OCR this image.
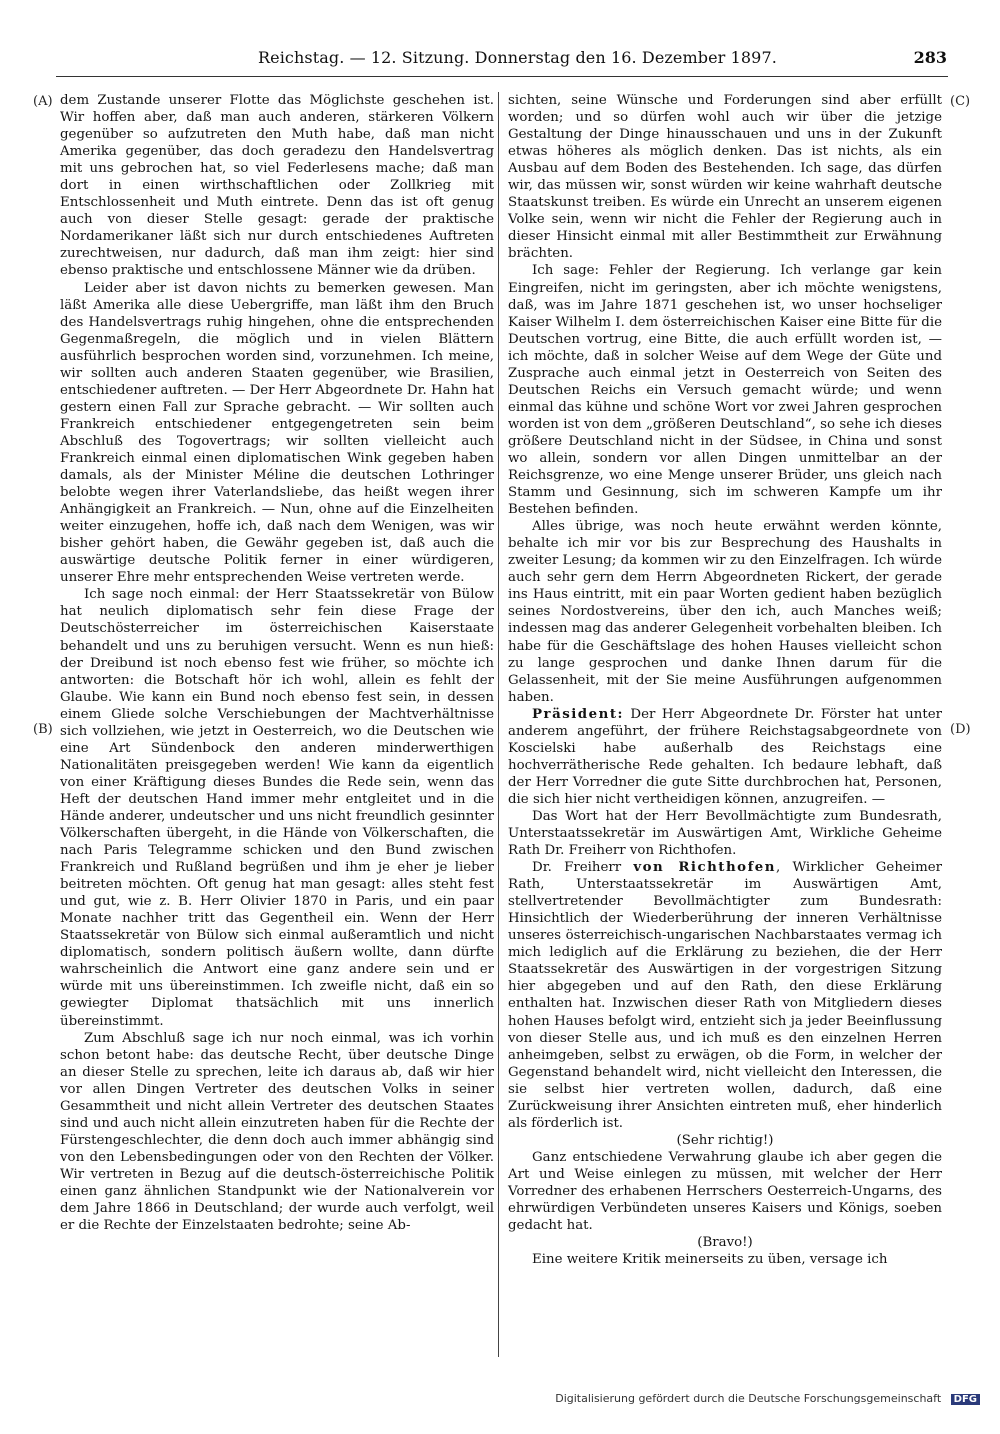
Reichstag. — 12. Sitzung. Donnerstag den 16. Dezember 1897.	283
(A)
(B)
(C)
(D)

dem Zustande unserer Flotte das Möglichste geschehen ist. Wir hoffen aber, daß man auch anderen, stärkeren Völkern gegenüber so aufzutreten den Muth habe, daß man nicht Amerika gegenüber, das doch geradezu den Handelsvertrag mit uns gebrochen hat, so viel Federlesens mache; daß man dort in einen wirthschaftlichen oder Zollkrieg mit Entschlossenheit und Muth eintrete. Denn das ist oft genug auch von dieser Stelle gesagt: gerade der praktische Nordamerikaner läßt sich nur durch entschiedenes Auftreten zurechtweisen, nur dadurch, daß man ihm zeigt: hier sind ebenso praktische und entschlossene Männer wie da drüben.

Leider aber ist davon nichts zu bemerken gewesen. Man läßt Amerika alle diese Uebergriffe, man läßt ihm den Bruch des Handelsvertrags ruhig hingehen, ohne die entsprechenden Gegenmaßregeln, die möglich und in vielen Blättern ausführlich besprochen worden sind, vorzunehmen. Ich meine, wir sollten auch anderen Staaten gegenüber, wie Brasilien, entschiedener auftreten. — Der Herr Abgeordnete Dr. Hahn hat gestern einen Fall zur Sprache gebracht. — Wir sollten auch Frankreich entschiedener entgegengetreten sein beim Abschluß des Togovertrags; wir sollten vielleicht auch Frankreich einmal einen diplomatischen Wink gegeben haben damals, als der Minister Méline die deutschen Lothringer belobte wegen ihrer Vaterlandsliebe, das heißt wegen ihrer Anhängigkeit an Frankreich. — Nun, ohne auf die Einzelheiten weiter einzugehen, hoffe ich, daß nach dem Wenigen, was wir bisher gehört haben, die Gewähr gegeben ist, daß auch die auswärtige deutsche Politik ferner in einer würdigeren, unserer Ehre mehr entsprechenden Weise vertreten werde.

Ich sage noch einmal: der Herr Staatssekretär von Bülow hat neulich diplomatisch sehr fein diese Frage der Deutschösterreicher im österreichischen Kaiserstaate behandelt und uns zu beruhigen versucht. Wenn es nun hieß: der Dreibund ist noch ebenso fest wie früher, so möchte ich antworten: die Botschaft hör ich wohl, allein es fehlt der Glaube. Wie kann ein Bund noch ebenso fest sein, in dessen einem Gliede solche Verschiebungen der Machtverhältnisse sich vollziehen, wie jetzt in Oesterreich, wo die Deutschen wie eine Art Sündenbock den anderen minderwerthigen Nationalitäten preisgegeben werden! Wie kann da eigentlich von einer Kräftigung dieses Bundes die Rede sein, wenn das Heft der deutschen Hand immer mehr entgleitet und in die Hände anderer, undeutscher und uns nicht freundlich gesinnter Völkerschaften übergeht, in die Hände von Völkerschaften, die nach Paris Telegramme schicken und den Bund zwischen Frankreich und Rußland begrüßen und ihm je eher je lieber beitreten möchten. Oft genug hat man gesagt: alles steht fest und gut, wie z. B. Herr Olivier 1870 in Paris, und ein paar Monate nachher tritt das Gegentheil ein. Wenn der Herr Staatssekretär von Bülow sich einmal außeramtlich und nicht diplomatisch, sondern politisch äußern wollte, dann dürfte wahrscheinlich die Antwort eine ganz andere sein und er würde mit uns übereinstimmen. Ich zweifle nicht, daß ein so gewiegter Diplomat thatsächlich mit uns innerlich übereinstimmt.

Zum Abschluß sage ich nur noch einmal, was ich vorhin schon betont habe: das deutsche Recht, über deutsche Dinge an dieser Stelle zu sprechen, leite ich daraus ab, daß wir hier vor allen Dingen Vertreter des deutschen Volks in seiner Gesammtheit und nicht allein Vertreter des deutschen Staates sind und auch nicht allein einzutreten haben für die Rechte der Fürstengeschlechter, die denn doch auch immer abhängig sind von den Lebensbedingungen oder von den Rechten der Völker. Wir vertreten in Bezug auf die deutsch-österreichische Politik einen ganz ähnlichen Standpunkt wie der Nationalverein vor dem Jahre 1866 in Deutschland; der wurde auch verfolgt, weil er die Rechte der Einzelstaaten bedrohte; seine Ab-

sichten, seine Wünsche und Forderungen sind aber erfüllt worden; und so dürfen wohl auch wir über die jetzige Gestaltung der Dinge hinausschauen und uns in der Zukunft etwas höheres als möglich denken. Das ist nichts, als ein Ausbau auf dem Boden des Bestehenden. Ich sage, das dürfen wir, das müssen wir, sonst würden wir keine wahrhaft deutsche Staatskunst treiben. Es würde ein Unrecht an unserem eigenen Volke sein, wenn wir nicht die Fehler der Regierung auch in dieser Hinsicht einmal mit aller Bestimmtheit zur Erwähnung brächten.

Ich sage: Fehler der Regierung. Ich verlange gar kein Eingreifen, nicht im geringsten, aber ich möchte wenigstens, daß, was im Jahre 1871 geschehen ist, wo unser hochseliger Kaiser Wilhelm I. dem österreichischen Kaiser eine Bitte für die Deutschen vortrug, eine Bitte, die auch erfüllt worden ist, — ich möchte, daß in solcher Weise auf dem Wege der Güte und Zusprache auch einmal jetzt in Oesterreich von Seiten des Deutschen Reichs ein Versuch gemacht würde; und wenn einmal das kühne und schöne Wort vor zwei Jahren gesprochen worden ist von dem „größeren Deutschland“, so sehe ich dieses größere Deutschland nicht in der Südsee, in China und sonst wo allein, sondern vor allen Dingen unmittelbar an der Reichsgrenze, wo eine Menge unserer Brüder, uns gleich nach Stamm und Gesinnung, sich im schweren Kampfe um ihr Bestehen befinden.

Alles übrige, was noch heute erwähnt werden könnte, behalte ich mir vor bis zur Besprechung des Haushalts in zweiter Lesung; da kommen wir zu den Einzelfragen. Ich würde auch sehr gern dem Herrn Abgeordneten Rickert, der gerade ins Haus eintritt, mit ein paar Worten gedient haben bezüglich seines Nordostvereins, über den ich, auch Manches weiß; indessen mag das anderer Gelegenheit vorbehalten bleiben. Ich habe für die Geschäftslage des hohen Hauses vielleicht schon zu lange gesprochen und danke Ihnen darum für die Gelassenheit, mit der Sie meine Ausführungen aufgenommen haben.

Präsident: Der Herr Abgeordnete Dr. Förster hat unter anderem angeführt, der frühere Reichstagsabgeordnete von Koscielski habe außerhalb des Reichstags eine hochverrätherische Rede gehalten. Ich bedaure lebhaft, daß der Herr Vorredner die gute Sitte durchbrochen hat, Personen, die sich hier nicht vertheidigen können, anzugreifen. —

Das Wort hat der Herr Bevollmächtigte zum Bundesrath, Unterstaatssekretär im Auswärtigen Amt, Wirkliche Geheime Rath Dr. Freiherr von Richthofen.

Dr. Freiherr von Richthofen, Wirklicher Geheimer Rath, Unterstaatssekretär im Auswärtigen Amt, stellvertretender Bevollmächtigter zum Bundesrath: Hinsichtlich der Wiederberührung der inneren Verhältnisse unseres österreichisch-ungarischen Nachbarstaates vermag ich mich lediglich auf die Erklärung zu beziehen, die der Herr Staatssekretär des Auswärtigen in der vorgestrigen Sitzung hier abgegeben und auf den Rath, den diese Erklärung enthalten hat. Inzwischen dieser Rath von Mitgliedern dieses hohen Hauses befolgt wird, entzieht sich ja jeder Beeinflussung von dieser Stelle aus, und ich muß es den einzelnen Herren anheimgeben, selbst zu erwägen, ob die Form, in welcher der Gegenstand behandelt wird, nicht vielleicht den Interessen, die sie selbst hier vertreten wollen, dadurch, daß eine Zurückweisung ihrer Ansichten eintreten muß, eher hinderlich als förderlich ist.

(Sehr richtig!)

Ganz entschiedene Verwahrung glaube ich aber gegen die Art und Weise einlegen zu müssen, mit welcher der Herr Vorredner des erhabenen Herrschers Oesterreich-Ungarns, des ehrwürdigen Verbündeten unseres Kaisers und Königs, soeben gedacht hat.

(Bravo!)

Eine weitere Kritik meinerseits zu üben, versage ich

Digitalisierung gefördert durch die Deutsche Forschungsgemeinschaft DFG
